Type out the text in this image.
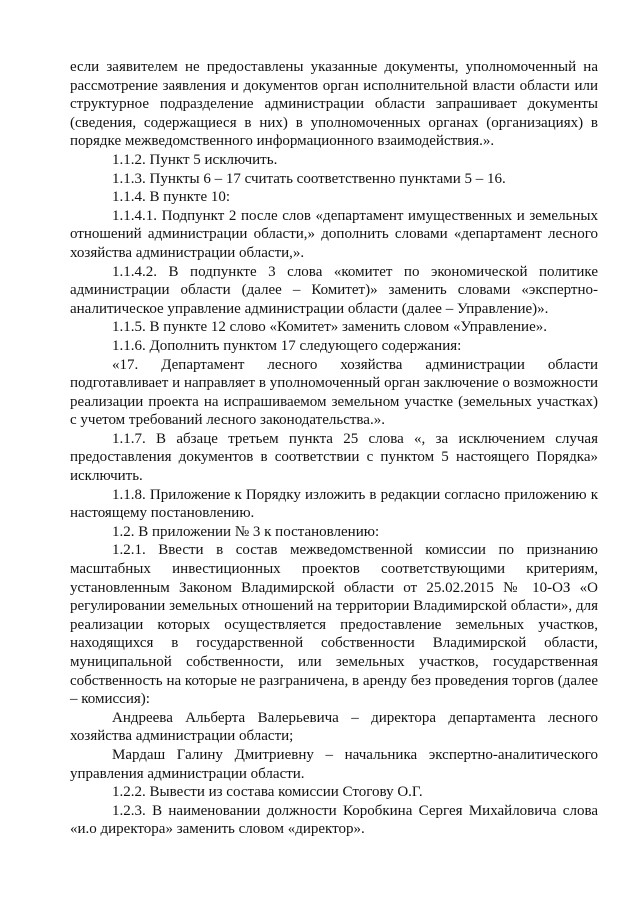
если заявителем не предоставлены указанные документы, уполномоченный на рассмотрение заявления и документов орган исполнительной власти области или структурное подразделение администрации области запрашивает документы (сведения, содержащиеся в них) в уполномоченных органах (организациях) в порядке межведомственного информационного взаимодействия.».

1.1.2. Пункт 5 исключить.

1.1.3. Пункты 6 – 17 считать соответственно пунктами 5 – 16.

1.1.4. В пункте 10:

1.1.4.1. Подпункт 2 после слов «департамент имущественных и земельных отношений администрации области,» дополнить словами «департамент лесного хозяйства администрации области,».

1.1.4.2. В подпункте 3 слова «комитет по экономической политике администрации области (далее – Комитет)» заменить словами «экспертно-аналитическое управление администрации области (далее – Управление)».

1.1.5. В пункте 12 слово «Комитет» заменить словом «Управление».

1.1.6. Дополнить пунктом 17 следующего содержания:

«17. Департамент лесного хозяйства администрации области подготавливает и направляет в уполномоченный орган заключение о возможности реализации проекта на испрашиваемом земельном участке (земельных участках) с учетом требований лесного законодательства.».

1.1.7. В абзаце третьем пункта 25 слова «, за исключением случая предоставления документов в соответствии с пунктом 5 настоящего Порядка» исключить.

1.1.8. Приложение к Порядку изложить в редакции согласно приложению к настоящему постановлению.

1.2. В приложении № 3 к постановлению:

1.2.1. Ввести в состав межведомственной комиссии по признанию масштабных инвестиционных проектов соответствующими критериям, установленным Законом Владимирской области от 25.02.2015 № 10-ОЗ «О регулировании земельных отношений на территории Владимирской области», для реализации которых осуществляется предоставление земельных участков, находящихся в государственной собственности Владимирской области, муниципальной собственности, или земельных участков, государственная собственность на которые не разграничена, в аренду без проведения торгов (далее – комиссия):

Андреева Альберта Валерьевича – директора департамента лесного хозяйства администрации области;

Мардаш Галину Дмитриевну – начальника экспертно-аналитического управления администрации области.

1.2.2. Вывести из состава комиссии Стогову О.Г.

1.2.3. В наименовании должности Коробкина Сергея Михайловича слова «и.о директора» заменить словом «директор».
